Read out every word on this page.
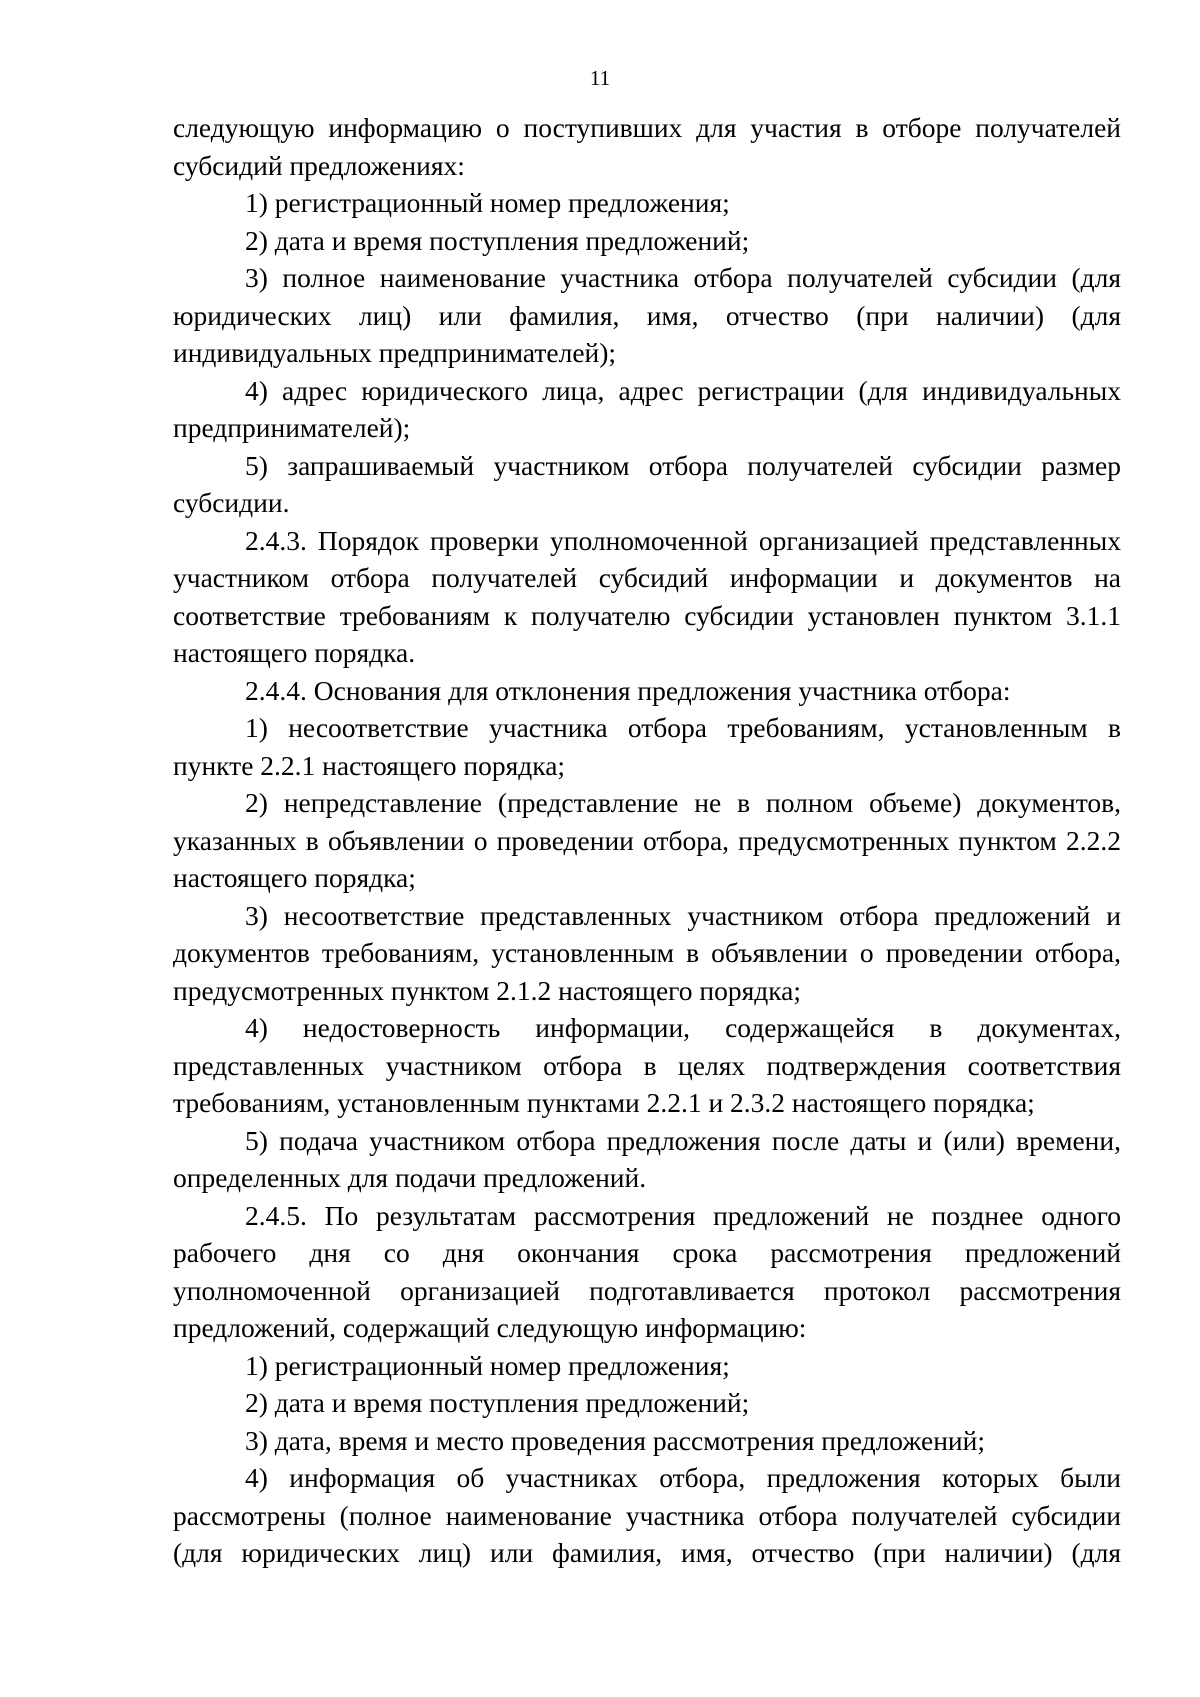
11

следующую информацию о поступивших для участия в отборе получателей субсидий предложениях:

1) регистрационный номер предложения;

2) дата и время поступления предложений;

3) полное наименование участника отбора получателей субсидии (для юридических лиц) или фамилия, имя, отчество (при наличии) (для индивидуальных предпринимателей);

4) адрес юридического лица, адрес регистрации (для индивидуальных предпринимателей);

5) запрашиваемый участником отбора получателей субсидии размер субсидии.

2.4.3. Порядок проверки уполномоченной организацией представленных участником отбора получателей субсидий информации и документов на соответствие требованиям к получателю субсидии установлен пунктом 3.1.1 настоящего порядка.

2.4.4. Основания для отклонения предложения участника отбора:

1) несоответствие участника отбора требованиям, установленным в пункте 2.2.1 настоящего порядка;

2) непредставление (представление не в полном объеме) документов, указанных в объявлении о проведении отбора, предусмотренных пунктом 2.2.2 настоящего порядка;

3) несоответствие представленных участником отбора предложений и документов требованиям, установленным в объявлении о проведении отбора, предусмотренных пунктом 2.1.2 настоящего порядка;

4) недостоверность информации, содержащейся в документах, представленных участником отбора в целях подтверждения соответствия требованиям, установленным пунктами 2.2.1 и 2.3.2 настоящего порядка;

5) подача участником отбора предложения после даты и (или) времени, определенных для подачи предложений.

2.4.5. По результатам рассмотрения предложений не позднее одного рабочего дня со дня окончания срока рассмотрения предложений уполномоченной организацией подготавливается протокол рассмотрения предложений, содержащий следующую информацию:

1) регистрационный номер предложения;

2) дата и время поступления предложений;

3) дата, время и место проведения рассмотрения предложений;

4) информация об участниках отбора, предложения которых были рассмотрены (полное наименование участника отбора получателей субсидии (для юридических лиц) или фамилия, имя, отчество (при наличии) (для
